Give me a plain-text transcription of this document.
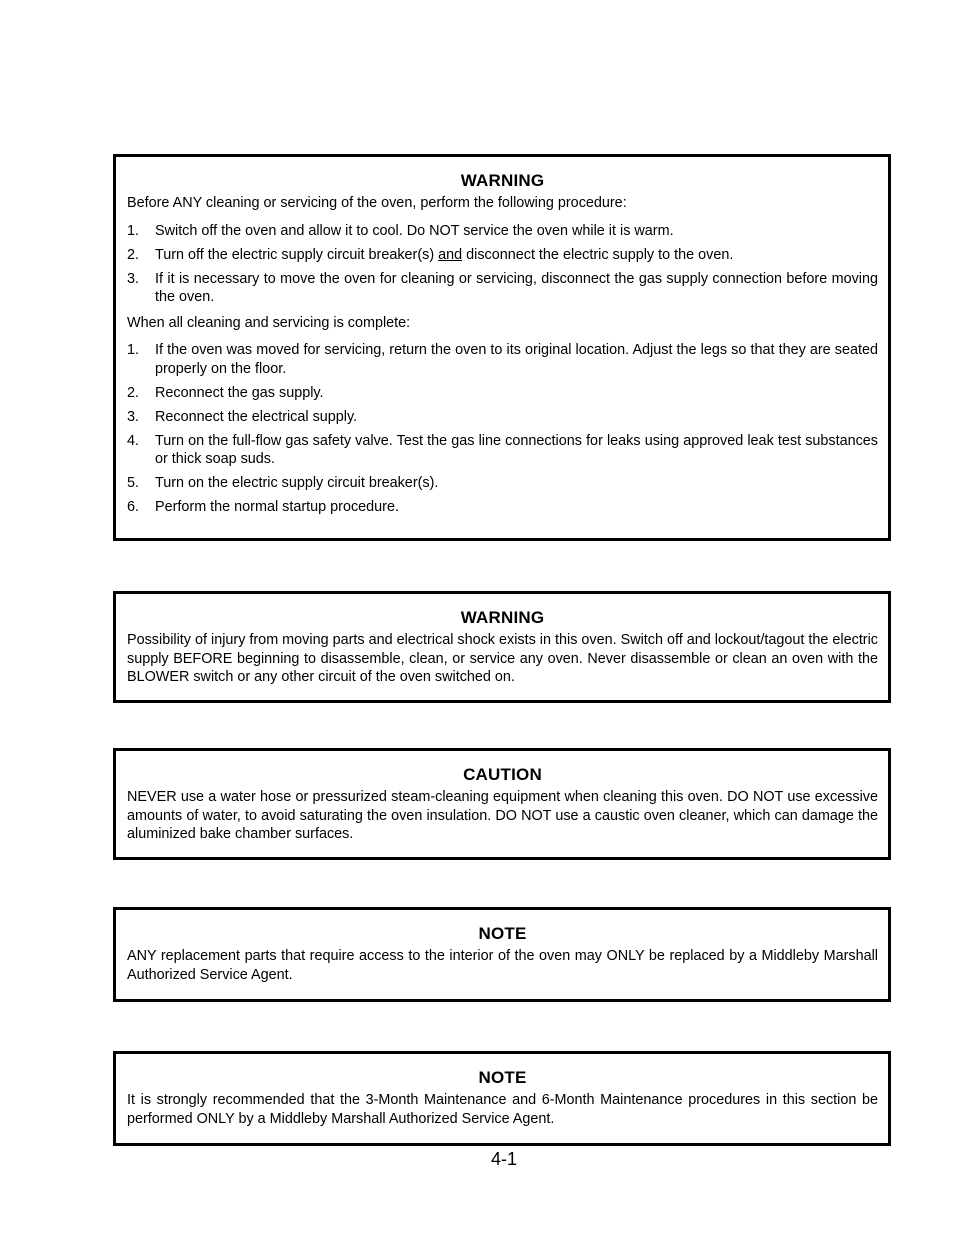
WARNING

Before ANY cleaning or servicing of the oven, perform the following procedure:

1. Switch off the oven and allow it to cool. Do NOT service the oven while it is warm.
2. Turn off the electric supply circuit breaker(s) and disconnect the electric supply to the oven.
3. If it is necessary to move the oven for cleaning or servicing, disconnect the gas supply connection before moving the oven.

When all cleaning and servicing is complete:

1. If the oven was moved for servicing, return the oven to its original location. Adjust the legs so that they are seated properly on the floor.
2. Reconnect the gas supply.
3. Reconnect the electrical supply.
4. Turn on the full-flow gas safety valve. Test the gas line connections for leaks using approved leak test substances or thick soap suds.
5. Turn on the electric supply circuit breaker(s).
6. Perform the normal startup procedure.
WARNING

Possibility of injury from moving parts and electrical shock exists in this oven. Switch off and lockout/tagout the electric supply BEFORE beginning to disassemble, clean, or service any oven. Never disassemble or clean an oven with the BLOWER switch or any other circuit of the oven switched on.

CAUTION

NEVER use a water hose or pressurized steam-cleaning equipment when cleaning this oven. DO NOT use excessive amounts of water, to avoid saturating the oven insulation. DO NOT use a caustic oven cleaner, which can damage the aluminized bake chamber surfaces.

NOTE

ANY replacement parts that require access to the interior of the oven may ONLY be replaced by a Middleby Marshall Authorized Service Agent.

NOTE

It is strongly recommended that the 3-Month Maintenance and 6-Month Maintenance procedures in this section be performed ONLY by a Middleby Marshall Authorized Service Agent.

4-1
